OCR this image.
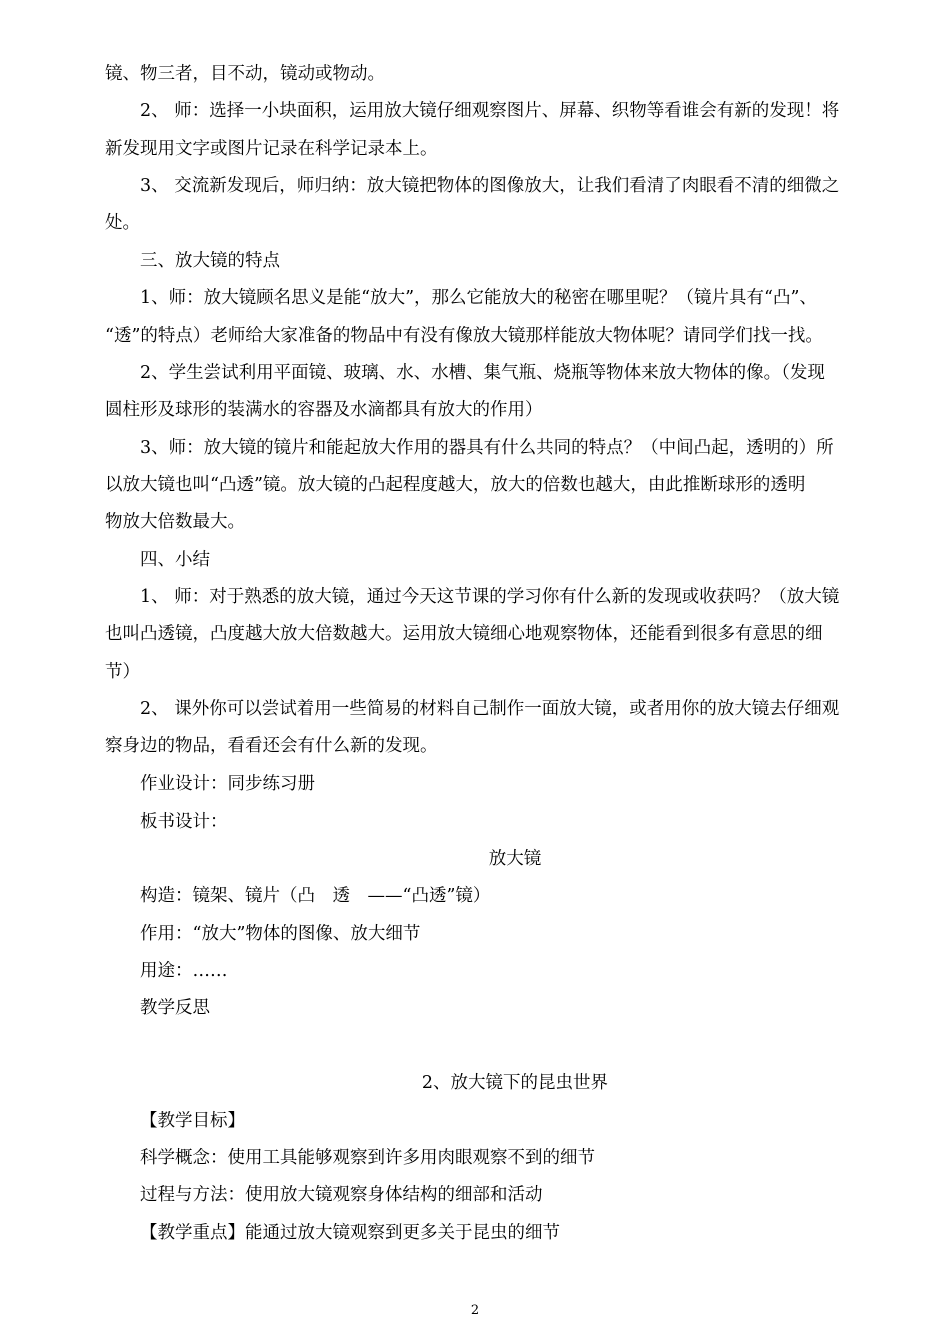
镜、物三者，目不动，镜动或物动。
2、 师：选择一小块面积，运用放大镜仔细观察图片、屏幕、织物等看谁会有新的发现！将
新发现用文字或图片记录在科学记录本上。
3、 交流新发现后，师归纳：放大镜把物体的图像放大，让我们看清了肉眼看不清的细微之
处。
三、放大镜的特点
1、师：放大镜顾名思义是能“放大”，那么它能放大的秘密在哪里呢？（镜片具有“凸”、
“透”的特点）老师给大家准备的物品中有没有像放大镜那样能放大物体呢？请同学们找一找。
2、学生尝试利用平面镜、玻璃、水、水槽、集气瓶、烧瓶等物体来放大物体的像。（发现
圆柱形及球形的装满水的容器及水滴都具有放大的作用）
3、师：放大镜的镜片和能起放大作用的器具有什么共同的特点？（中间凸起，透明的）所
以放大镜也叫“凸透”镜。放大镜的凸起程度越大，放大的倍数也越大，由此推断球形的透明
物放大倍数最大。
四、小结
1、 师：对于熟悉的放大镜，通过今天这节课的学习你有什么新的发现或收获吗？（放大镜
也叫凸透镜，凸度越大放大倍数越大。运用放大镜细心地观察物体，还能看到很多有意思的细
节）
2、 课外你可以尝试着用一些简易的材料自己制作一面放大镜，或者用你的放大镜去仔细观
察身边的物品，看看还会有什么新的发现。
作业设计：同步练习册
板书设计：
放大镜
构造：镜架、镜片（凸　透　——“凸透”镜）
作用：“放大”物体的图像、放大细节
用途：……
教学反思
2、放大镜下的昆虫世界
【教学目标】
科学概念：使用工具能够观察到许多用肉眼观察不到的细节
过程与方法：使用放大镜观察身体结构的细部和活动
【教学重点】能通过放大镜观察到更多关于昆虫的细节
2
